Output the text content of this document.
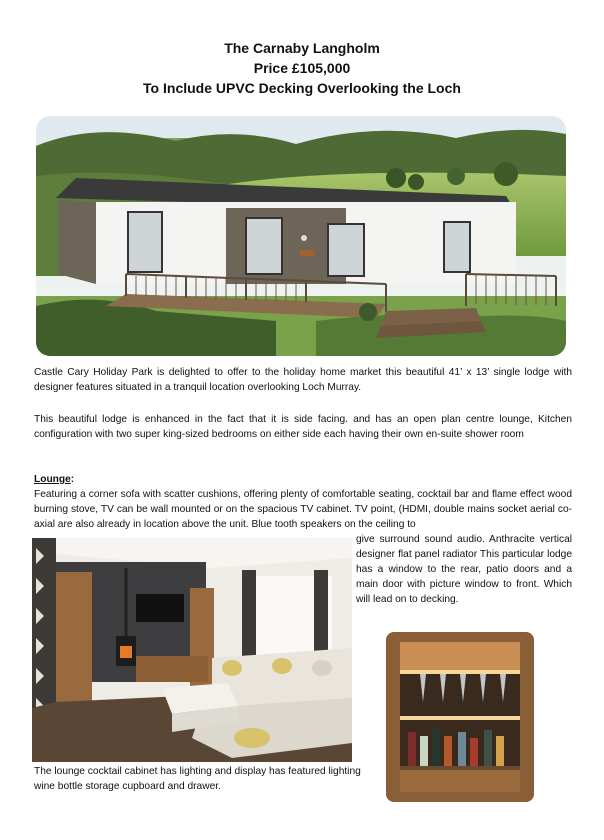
The Carnaby Langholm
Price £105,000
To Include UPVC Decking Overlooking the Loch
Castle Cary Holiday Park is delighted to offer to the holiday home market this beautiful 41’ x 13’ single lodge with designer features situated in a tranquil location overlooking Loch Murray.
This beautiful lodge is enhanced in the fact that it is side facing. and has an open plan centre lounge, Kitchen configuration with two super king-sized bedrooms on either side each having their own en-suite shower room
Lounge:
Featuring a corner sofa with scatter cushions, offering plenty of comfortable seating, cocktail bar and flame effect wood burning stove, TV can be wall mounted or on the spacious TV cabinet. TV point, (HDMI, double mains socket aerial co-axial are also already in location above the unit. Blue tooth speakers on the ceiling to
give surround sound audio. Anthracite vertical designer flat panel radiator This particular lodge has a window to the rear, patio doors and a main door with picture window to front. Which will lead on to decking.
The lounge cocktail cabinet has lighting and display has featured lighting wine bottle storage cupboard and drawer.
